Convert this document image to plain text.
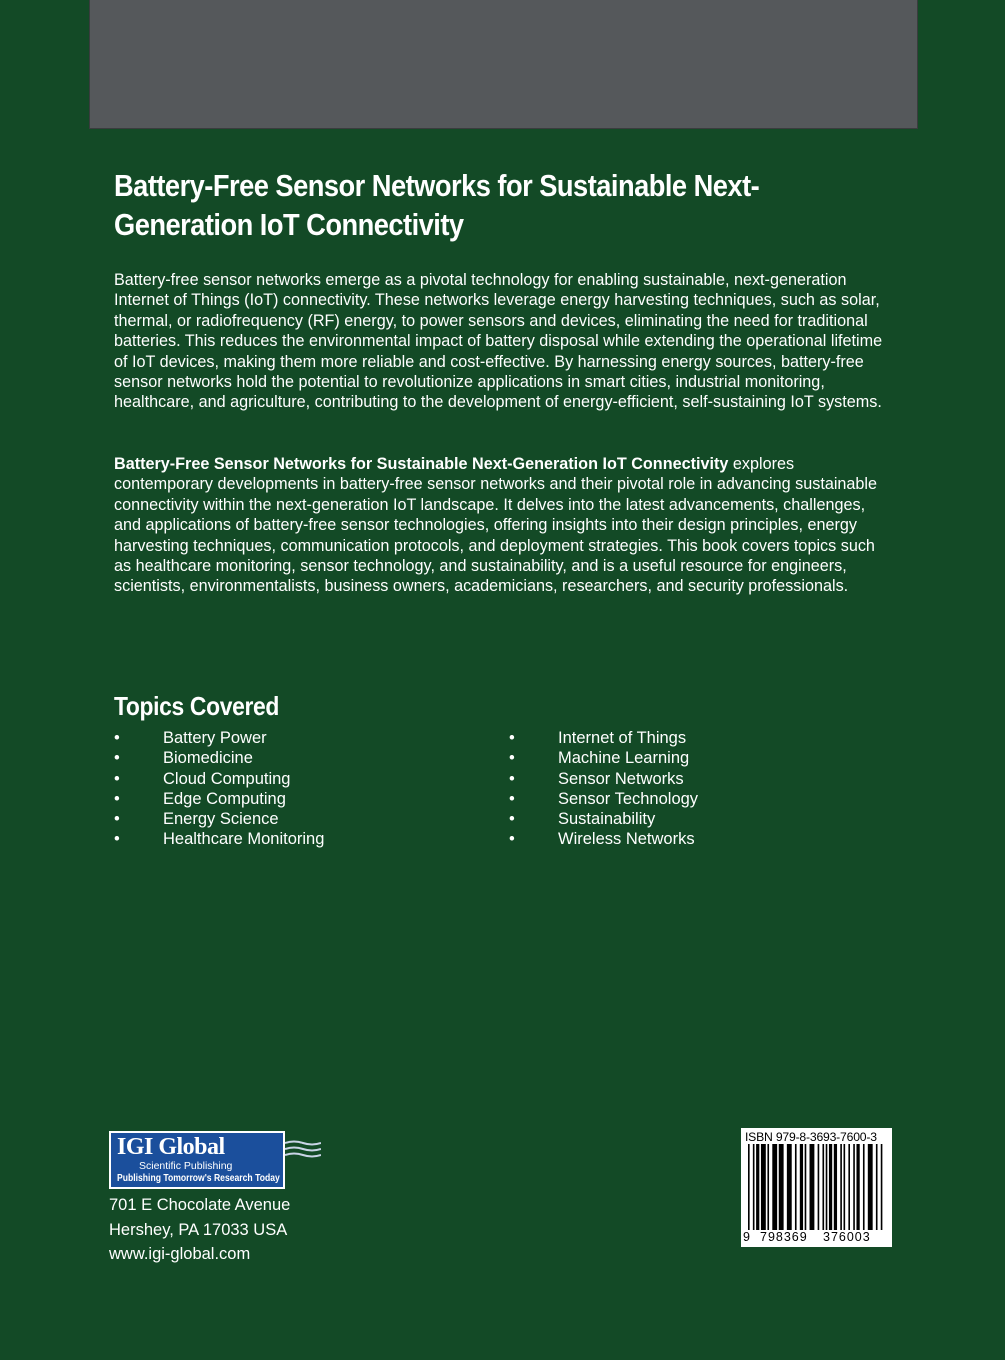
Battery-Free Sensor Networks for Sustainable Next-Generation IoT Connectivity

Battery-free sensor networks emerge as a pivotal technology for enabling sustainable, next-generation Internet of Things (IoT) connectivity. These networks leverage energy harvesting techniques, such as solar, thermal, or radiofrequency (RF) energy, to power sensors and devices, eliminating the need for traditional batteries. This reduces the environmental impact of battery disposal while extending the operational lifetime of IoT devices, making them more reliable and cost-effective. By harnessing energy sources, battery-free sensor networks hold the potential to revolutionize applications in smart cities, industrial monitoring, healthcare, and agriculture, contributing to the development of energy-efficient, self-sustaining IoT systems.

Battery-Free Sensor Networks for Sustainable Next-Generation IoT Connectivity explores contemporary developments in battery-free sensor networks and their pivotal role in advancing sustainable connectivity within the next-generation IoT landscape. It delves into the latest advancements, challenges, and applications of battery-free sensor technologies, offering insights into their design principles, energy harvesting techniques, communication protocols, and deployment strategies. This book covers topics such as healthcare monitoring, sensor technology, and sustainability, and is a useful resource for engineers, scientists, environmentalists, business owners, academicians, researchers, and security professionals.

Topics Covered
•	Battery Power
•	Biomedicine
•	Cloud Computing
•	Edge Computing
•	Energy Science
•	Healthcare Monitoring
•	Internet of Things
•	Machine Learning
•	Sensor Networks
•	Sensor Technology
•	Sustainability
•	Wireless Networks
IGI Global
Scientific Publishing
Publishing Tomorrow's Research Today
701 E Chocolate Avenue
Hershey, PA 17033 USA
www.igi-global.com
ISBN 979-8-3693-7600-3
9 798369 376003
